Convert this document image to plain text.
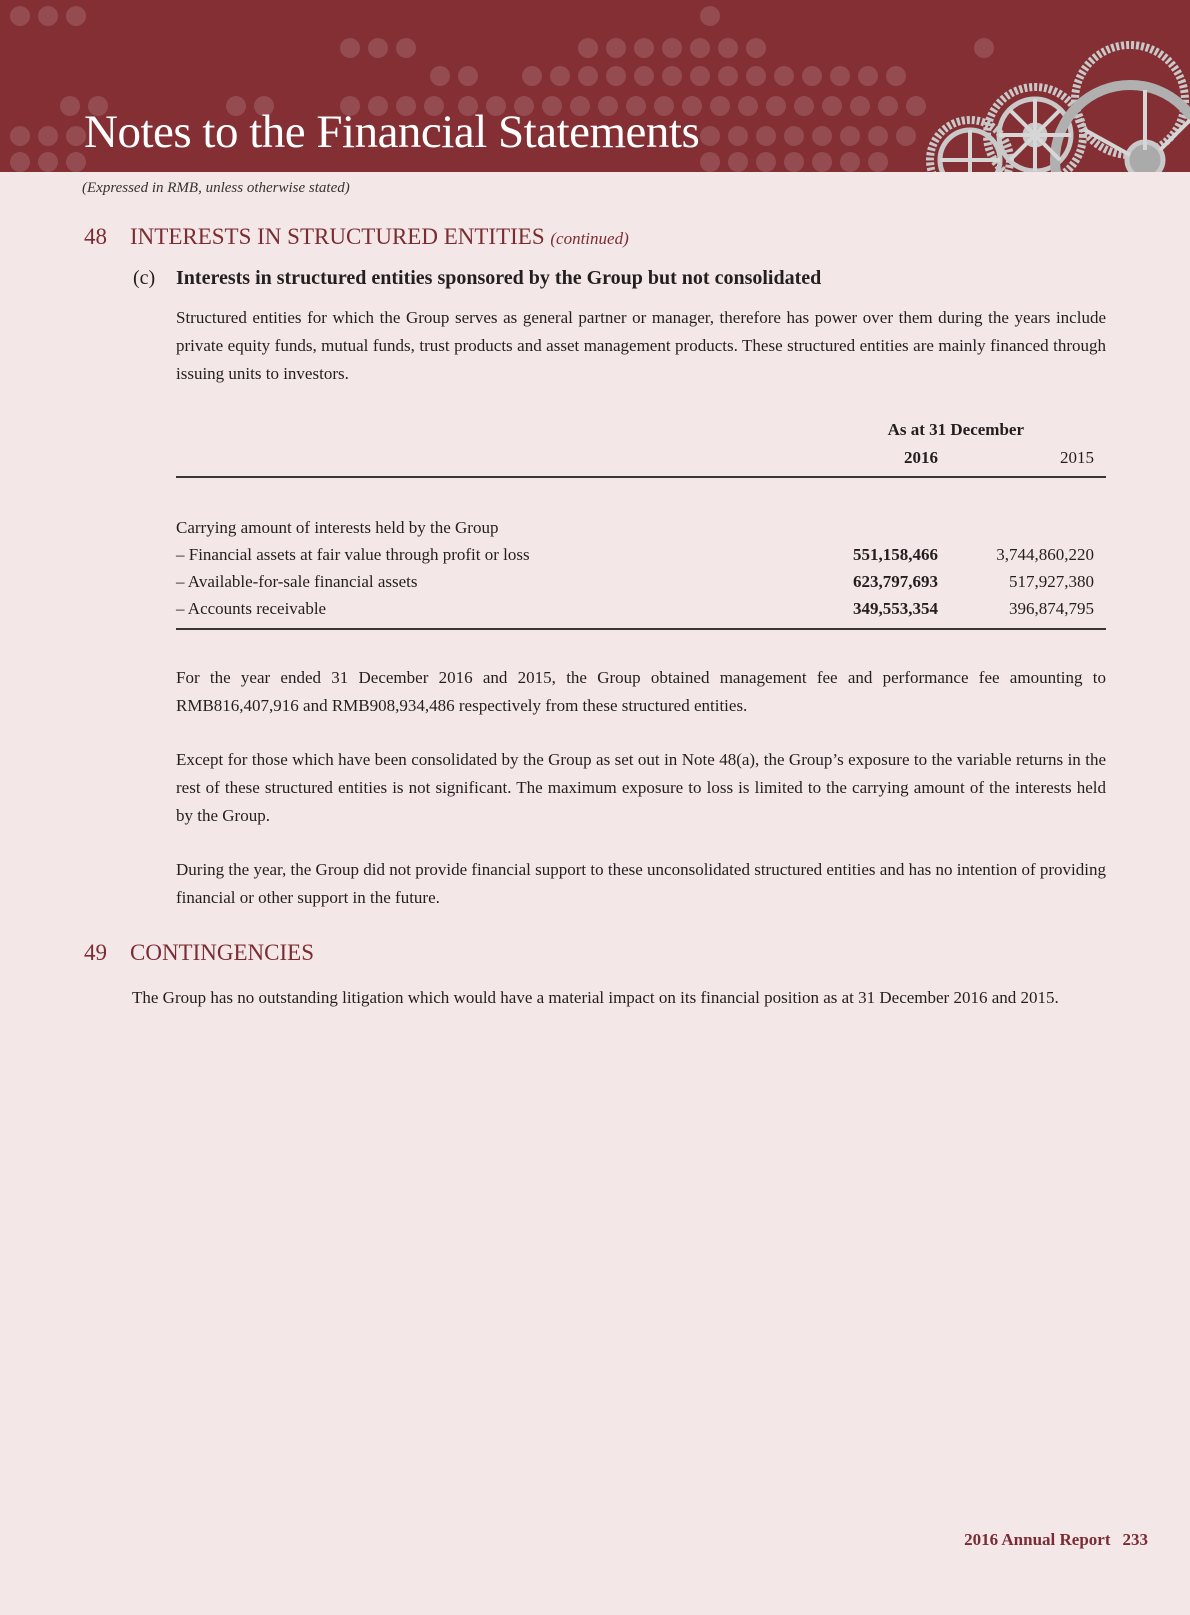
Notes to the Financial Statements
(Expressed in RMB, unless otherwise stated)
48 INTERESTS IN STRUCTURED ENTITIES (continued)
(c) Interests in structured entities sponsored by the Group but not consolidated
Structured entities for which the Group serves as general partner or manager, therefore has power over them during the years include private equity funds, mutual funds, trust products and asset management products. These structured entities are mainly financed through issuing units to investors.
As at 31 December
2016	2015
Carrying amount of interests held by the Group
– Financial assets at fair value through profit or loss	551,158,466	3,744,860,220
– Available-for-sale financial assets	623,797,693	517,927,380
– Accounts receivable	349,553,354	396,874,795
For the year ended 31 December 2016 and 2015, the Group obtained management fee and performance fee amounting to RMB816,407,916 and RMB908,934,486 respectively from these structured entities.
Except for those which have been consolidated by the Group as set out in Note 48(a), the Group’s exposure to the variable returns in the rest of these structured entities is not significant. The maximum exposure to loss is limited to the carrying amount of the interests held by the Group.
During the year, the Group did not provide financial support to these unconsolidated structured entities and has no intention of providing financial or other support in the future.
49 CONTINGENCIES
The Group has no outstanding litigation which would have a material impact on its financial position as at 31 December 2016 and 2015.
2016 Annual Report 233
